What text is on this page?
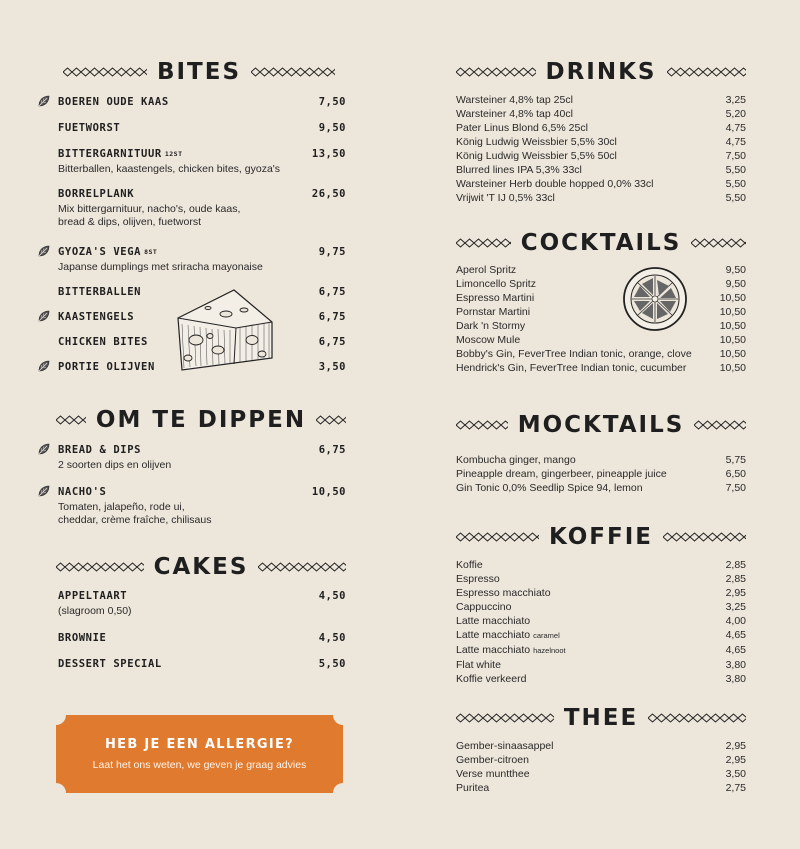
BITES
BOEREN OUDE KAAS	7,50
FUETWORST	9,50
BITTERGARNITUUR 12ST	13,50
Bitterballen, kaastengels, chicken bites, gyoza's
BORRELPLANK	26,50
Mix bittergarnituur, nacho's, oude kaas,
bread & dips, olijven, fuetworst
GYOZA'S VEGA 8ST	9,75
Japanse dumplings met sriracha mayonaise
BITTERBALLEN	6,75
KAASTENGELS	6,75
CHICKEN BITES	6,75
PORTIE OLIJVEN	3,50
OM TE DIPPEN
BREAD & DIPS	6,75
2 soorten dips en olijven
NACHO'S	10,50
Tomaten, jalapeño, rode ui,
cheddar, crème fraîche, chilisaus
CAKES
APPELTAART	4,50
(slagroom 0,50)
BROWNIE	4,50
DESSERT SPECIAL	5,50
HEB JE EEN ALLERGIE?
Laat het ons weten, we geven je graag advies
DRINKS
Warsteiner 4,8% tap 25cl	3,25
Warsteiner 4,8% tap 40cl	5,20
Pater Linus Blond 6,5% 25cl	4,75
König Ludwig Weissbier 5,5% 30cl	4,75
König Ludwig Weissbier 5,5% 50cl	7,50
Blurred lines IPA 5,3% 33cl	5,50
Warsteiner Herb double hopped 0,0% 33cl	5,50
Vrijwit 'T IJ 0,5% 33cl	5,50
COCKTAILS
Aperol Spritz	9,50
Limoncello Spritz	9,50
Espresso Martini	10,50
Pornstar Martini	10,50
Dark 'n Stormy	10,50
Moscow Mule	10,50
Bobby's Gin, FeverTree Indian tonic, orange, clove	10,50
Hendrick's Gin, FeverTree Indian tonic, cucumber	10,50
MOCKTAILS
Kombucha ginger, mango	5,75
Pineapple dream, gingerbeer, pineapple juice	6,50
Gin Tonic 0,0% Seedlip Spice 94, lemon	7,50
KOFFIE
Koffie	2,85
Espresso	2,85
Espresso macchiato	2,95
Cappuccino	3,25
Latte macchiato	4,00
Latte macchiato caramel	4,65
Latte macchiato hazelnoot	4,65
Flat white	3,80
Koffie verkeerd	3,80
THEE
Gember-sinaasappel	2,95
Gember-citroen	2,95
Verse muntthee	3,50
Puritea	2,75
